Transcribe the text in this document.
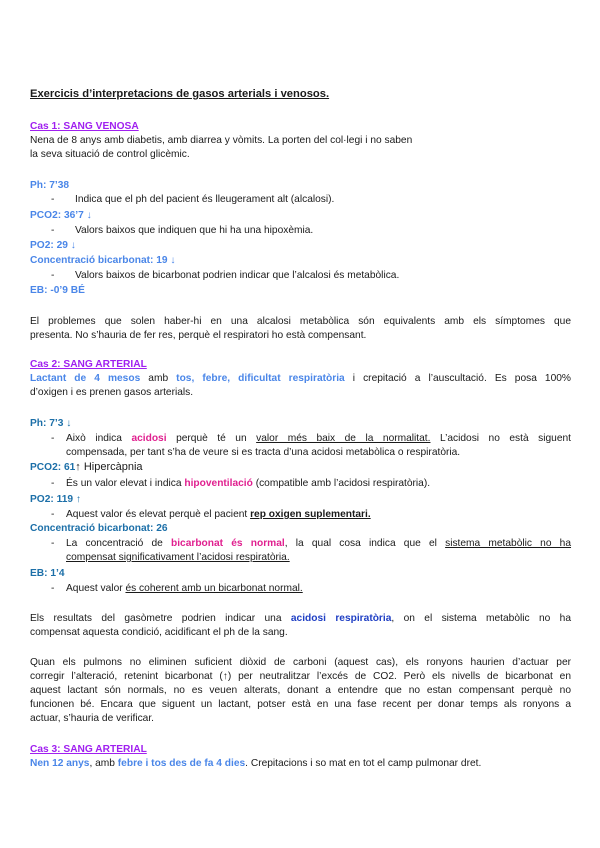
Exercicis d’interpretacions de gasos arterials i venosos.
Cas 1: SANG VENOSA
Nena de 8 anys amb diabetis, amb diarrea y vòmits. La porten del col·legi i no saben
la seva situació de control glicèmic.
Ph: 7’38
- Indica que el ph del pacient és lleugerament alt (alcalosi).
PCO2: 36’7 ↓
- Valors baixos que indiquen que hi ha una hipoxèmia.
PO2: 29 ↓
Concentració bicarbonat: 19 ↓
- Valors baixos de bicarbonat podrien indicar que l’alcalosi és metabòlica.
EB: -0’9 BÉ
El problemes que solen haber-hi en una alcalosi metabòlica són equivalents amb els símptomes que
presenta. No s’hauria de fer res, perquè el respiratori ho està compensant.
Cas 2: SANG ARTERIAL
Lactant de 4 mesos amb tos, febre, dificultat respiratòria i crepitació a l’auscultació. Es posa 100%
d’oxigen i es prenen gasos arterials.
Ph: 7’3 ↓
- Això indica acidosi perquè té un valor més baix de la normalitat. L’acidosi no està siguent
compensada, per tant s’ha de veure si es tracta d’una acidosi metabòlica o respiratòria.
PCO2: 61↑ Hipercàpnia
- És un valor elevat i indica hipoventilació (compatible amb l’acidosi respiratòria).
PO2: 119 ↑
- Aquest valor és elevat perquè el pacient rep oxigen suplementari.
Concentració bicarbonat: 26
- La concentració de bicarbonat és normal, la qual cosa indica que el sistema metabòlic no ha
compensat significativament l’acidosi respiratòria.
EB: 1’4
- Aquest valor és coherent amb un bicarbonat normal.
Els resultats del gasòmetre podrien indicar una acidosi respiratòria, on el sistema metabòlic no ha
compensat aquesta condició, acidificant el ph de la sang.
Quan els pulmons no eliminen suficient diòxid de carboni (aquest cas), els ronyons haurien d’actuar per
corregir l’alteració, retenint bicarbonat (↑) per neutralitzar l’excés de CO2. Però els nivells de bicarbonat en
aquest lactant són normals, no es veuen alterats, donant a entendre que no estan compensant perquè no
funcionen bé. Encara que siguent un lactant, potser està en una fase recent per donar temps als ronyons a
actuar, s’hauria de verificar.
Cas 3: SANG ARTERIAL
Nen 12 anys, amb febre i tos des de fa 4 dies. Crepitacions i so mat en tot el camp pulmonar dret.
